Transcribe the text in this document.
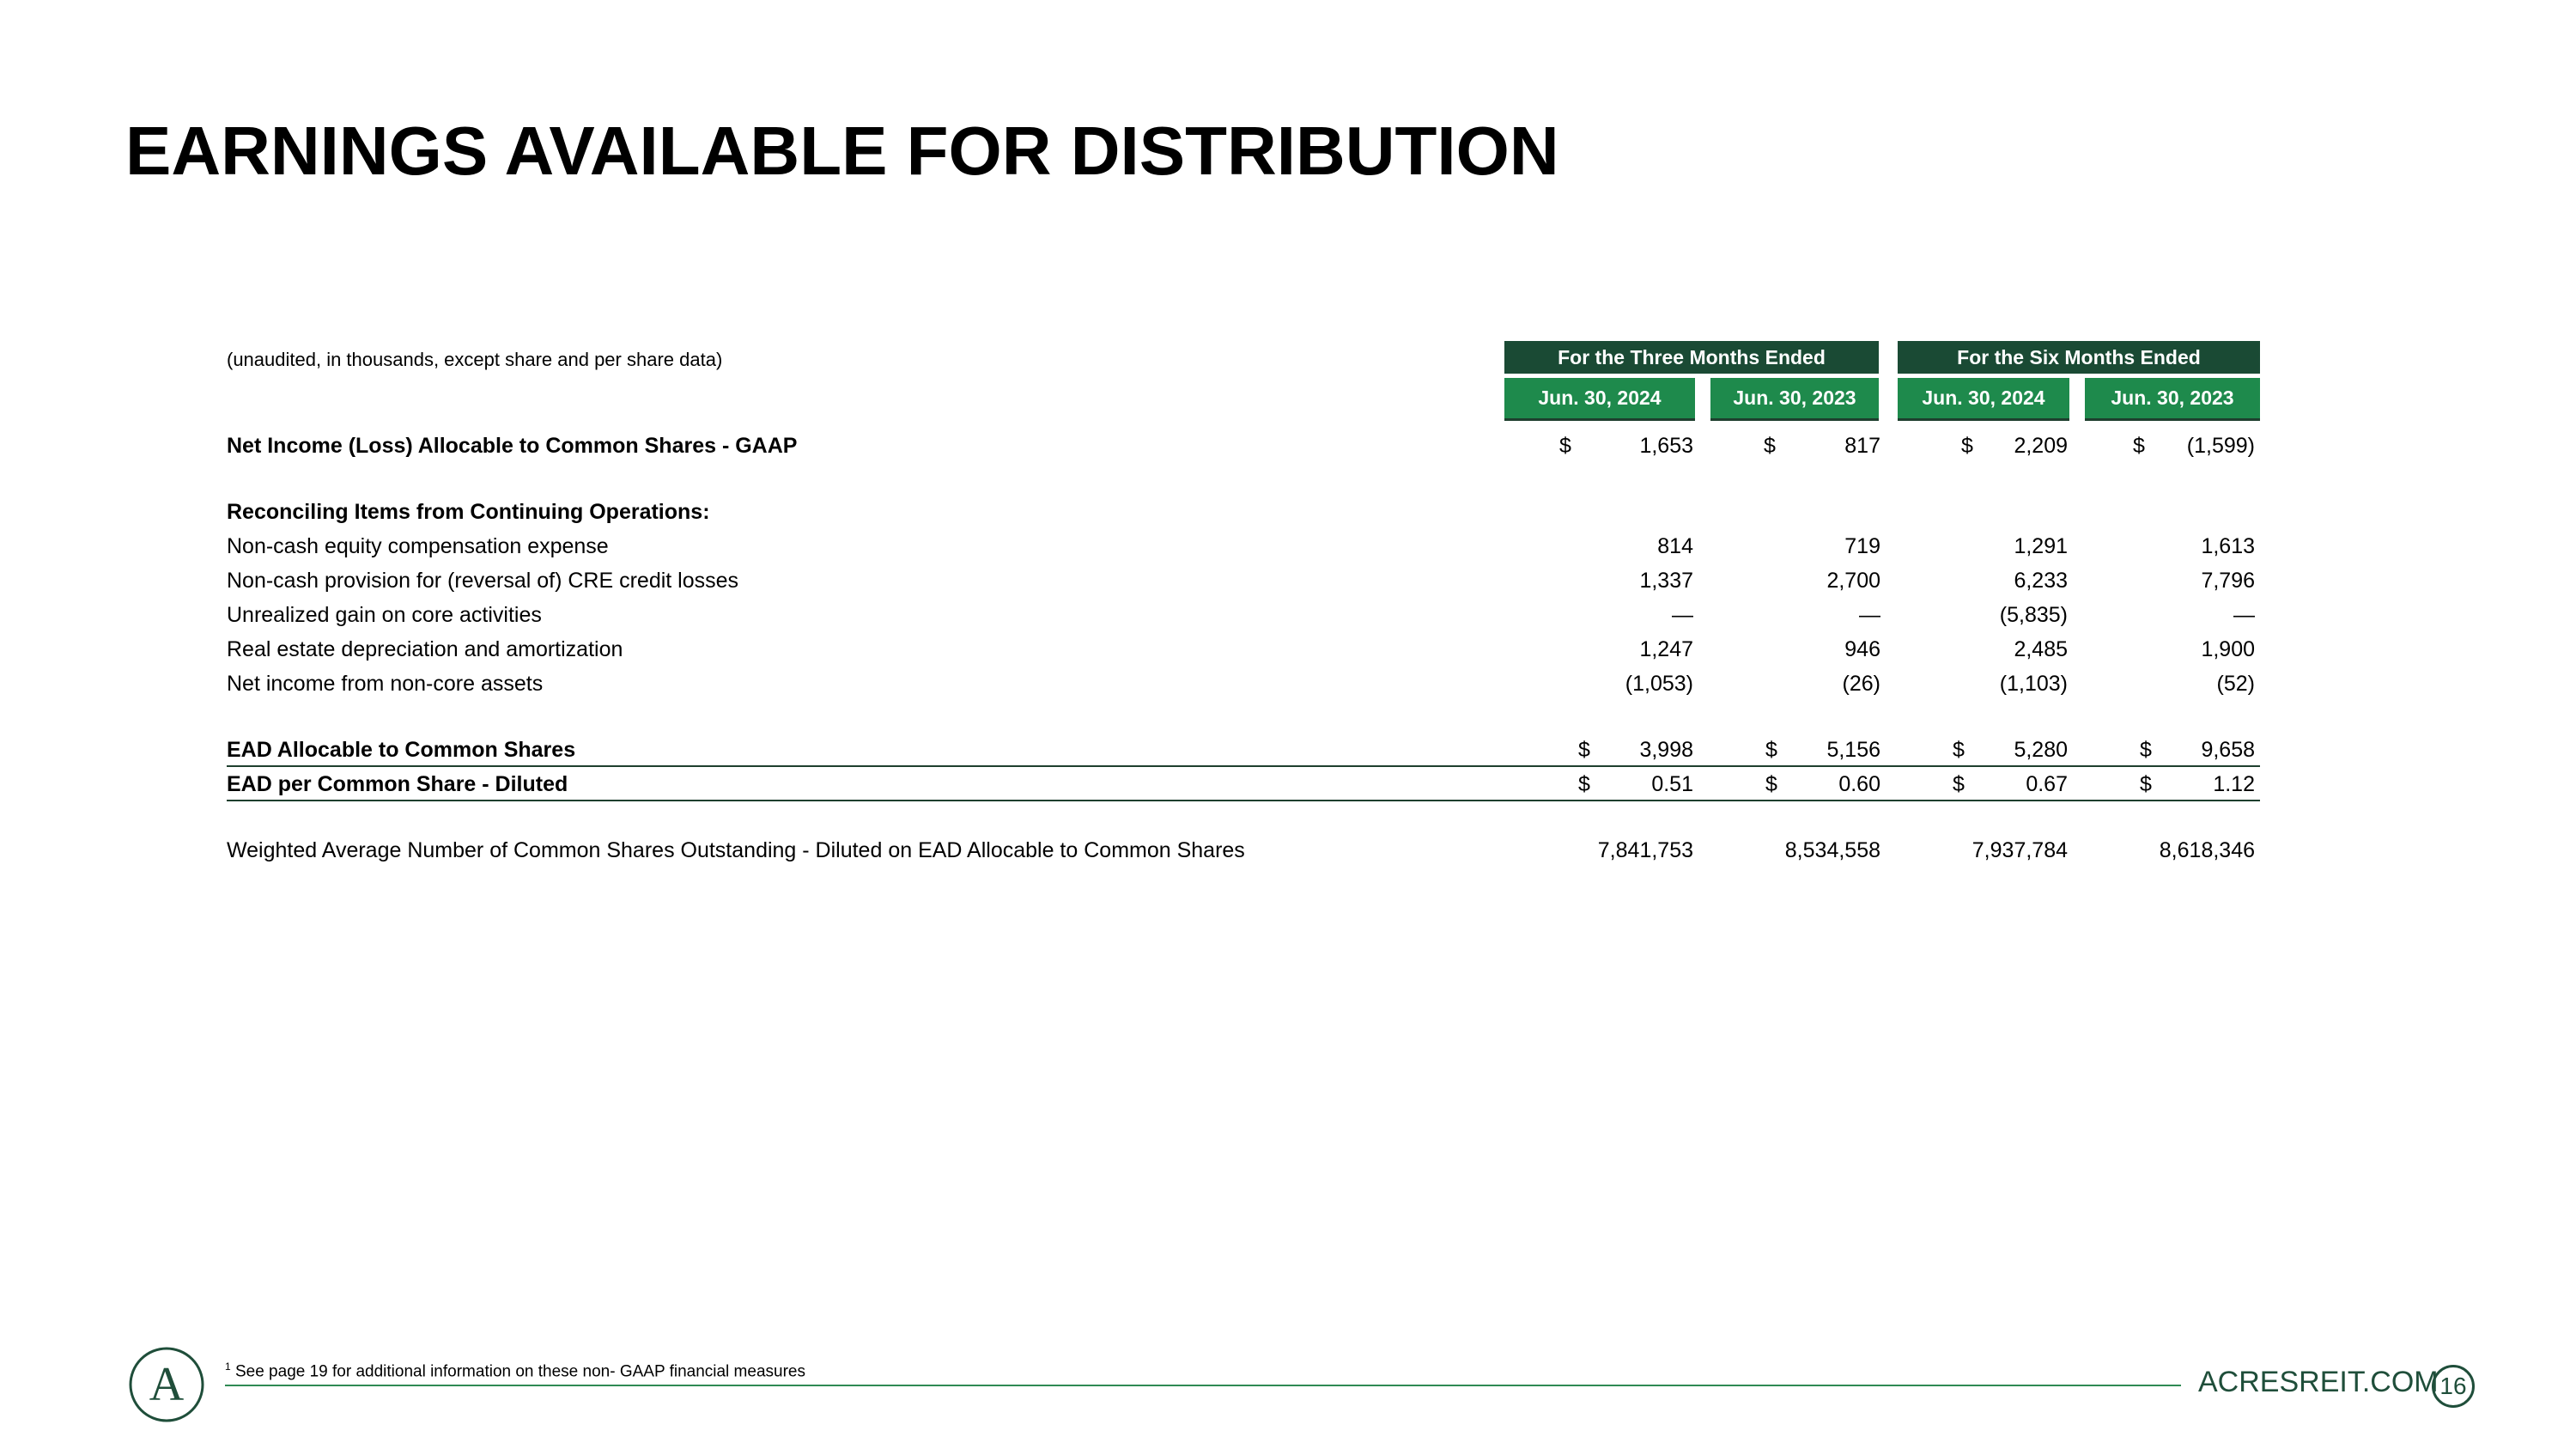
EARNINGS AVAILABLE FOR DISTRIBUTION
(unaudited, in thousands, except share and per share data)	For the Three Months Ended	For the Six Months Ended
Jun. 30, 2024	Jun. 30, 2023	Jun. 30, 2024	Jun. 30, 2023
Net Income (Loss) Allocable to Common Shares - GAAP	$	1,653	$	817	$	2,209	$	(1,599)
Reconciling Items from Continuing Operations:
Non-cash equity compensation expense	814	719	1,291	1,613
Non-cash provision for (reversal of) CRE credit losses	1,337	2,700	6,233	7,796
Unrealized gain on core activities	—	—	(5,835)	—
Real estate depreciation and amortization	1,247	946	2,485	1,900
Net income from non-core assets	(1,053)	(26)	(1,103)	(52)
EAD Allocable to Common Shares	$	3,998	$	5,156	$	5,280	$	9,658
EAD per Common Share - Diluted	$	0.51	$	0.60	$	0.67	$	1.12
Weighted Average Number of Common Shares Outstanding - Diluted on EAD Allocable to Common Shares	7,841,753	8,534,558	7,937,784	8,618,346
A	$^1$ See page 19 for additional information on these non- GAAP financial measures	ACRESREIT.COM 16
